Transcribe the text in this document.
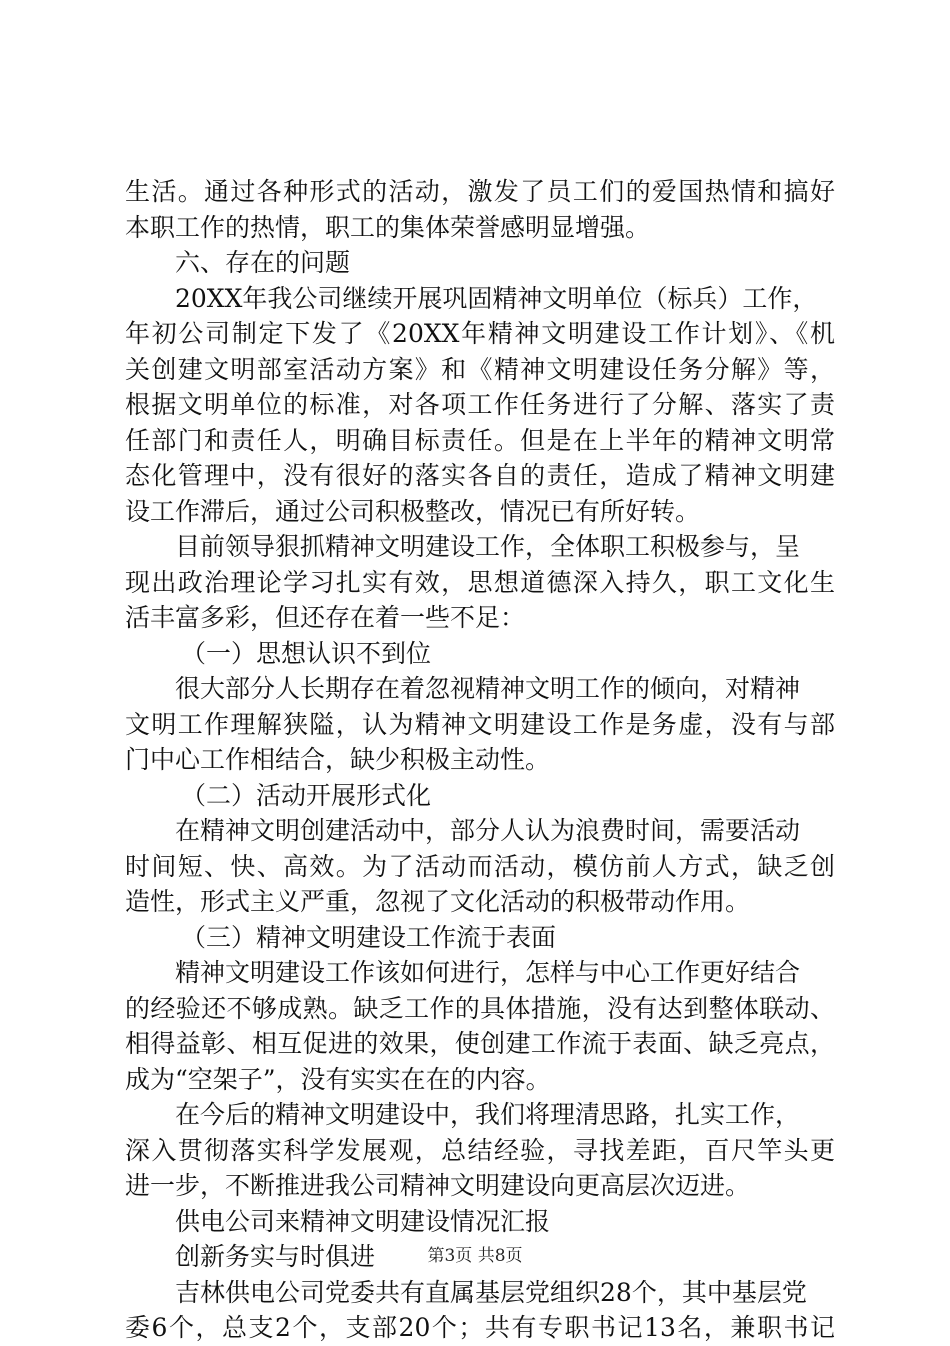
生活。通过各种形式的活动，激发了员工们的爱国热情和搞好
本职工作的热情，职工的集体荣誉感明显增强。
六、存在的问题
20XX年我公司继续开展巩固精神文明单位（标兵）工作，
年初公司制定下发了《20XX年精神文明建设工作计划》、《机
关创建文明部室活动方案》和《精神文明建设任务分解》等，
根据文明单位的标准，对各项工作任务进行了分解、落实了责
任部门和责任人，明确目标责任。但是在上半年的精神文明常
态化管理中，没有很好的落实各自的责任，造成了精神文明建
设工作滞后，通过公司积极整改，情况已有所好转。
目前领导狠抓精神文明建设工作，全体职工积极参与，呈
现出政治理论学习扎实有效，思想道德深入持久，职工文化生
活丰富多彩，但还存在着一些不足：
（一）思想认识不到位
很大部分人长期存在着忽视精神文明工作的倾向，对精神
文明工作理解狭隘，认为精神文明建设工作是务虚，没有与部
门中心工作相结合，缺少积极主动性。
（二）活动开展形式化
在精神文明创建活动中，部分人认为浪费时间，需要活动
时间短、快、高效。为了活动而活动，模仿前人方式，缺乏创
造性，形式主义严重，忽视了文化活动的积极带动作用。
（三）精神文明建设工作流于表面
精神文明建设工作该如何进行，怎样与中心工作更好结合
的经验还不够成熟。缺乏工作的具体措施，没有达到整体联动、
相得益彰、相互促进的效果，使创建工作流于表面、缺乏亮点，
成为“空架子”，没有实实在在的内容。
在今后的精神文明建设中，我们将理清思路，扎实工作，
深入贯彻落实科学发展观，总结经验，寻找差距，百尺竿头更
进一步，不断推进我公司精神文明建设向更高层次迈进。
供电公司来精神文明建设情况汇报
创新务实与时俱进
吉林供电公司党委共有直属基层党组织28个，其中基层党
委6个，总支2个，支部20个；共有专职书记13名，兼职书记
第3页 共8页
